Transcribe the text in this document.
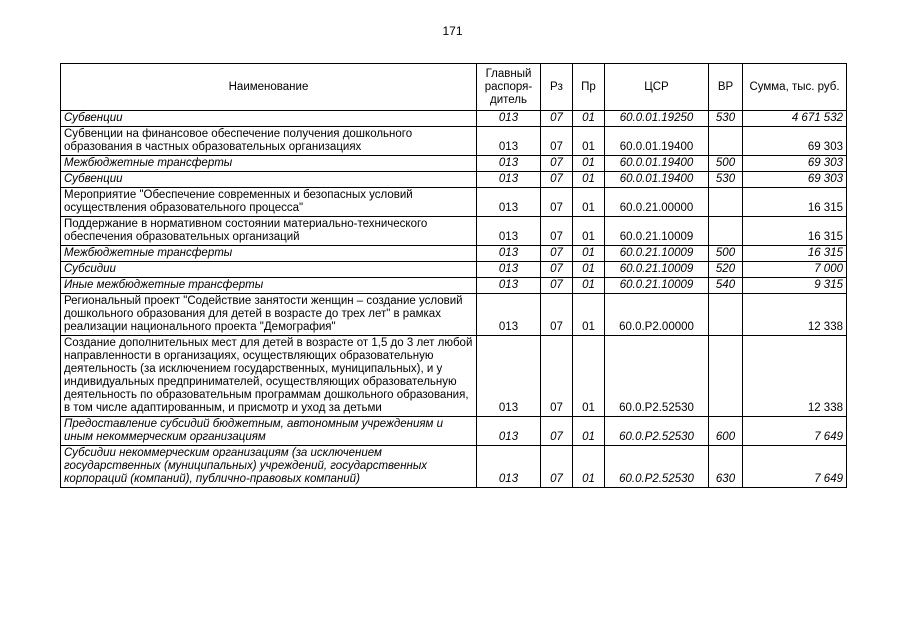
171
Наименование	Главный распоря-дитель	Рз	Пр	ЦСР	ВР	Сумма, тыс. руб.
Субвенции	013	07	01	60.0.01.19250	530	4 671 532
Субвенции на финансовое обеспечение получения дошкольного образования в частных образовательных организациях	013	07	01	60.0.01.19400		69 303
Межбюджетные трансферты	013	07	01	60.0.01.19400	500	69 303
Субвенции	013	07	01	60.0.01.19400	530	69 303
Мероприятие "Обеспечение современных и безопасных условий осуществления образовательного процесса"	013	07	01	60.0.21.00000		16 315
Поддержание в нормативном состоянии материально-технического обеспечения образовательных организаций	013	07	01	60.0.21.10009		16 315
Межбюджетные трансферты	013	07	01	60.0.21.10009	500	16 315
Субсидии	013	07	01	60.0.21.10009	520	7 000
Иные межбюджетные трансферты	013	07	01	60.0.21.10009	540	9 315
Региональный проект "Содействие занятости женщин – создание условий дошкольного образования для детей в возрасте до трех лет" в рамках реализации национального проекта "Демография"	013	07	01	60.0.Р2.00000		12 338
Создание дополнительных мест для детей в возрасте от 1,5 до 3 лет любой направленности в организациях, осуществляющих образовательную деятельность (за исключением государственных, муниципальных), и у индивидуальных предпринимателей, осуществляющих образовательную деятельность по образовательным программам дошкольного образования, в том числе адаптированным, и присмотр и уход за детьми	013	07	01	60.0.Р2.52530		12 338
Предоставление субсидий бюджетным, автономным учреждениям и иным некоммерческим организациям	013	07	01	60.0.Р2.52530	600	7 649
Субсидии некоммерческим организациям (за исключением государственных (муниципальных) учреждений, государственных корпораций (компаний), публично-правовых компаний)	013	07	01	60.0.Р2.52530	630	7 649
